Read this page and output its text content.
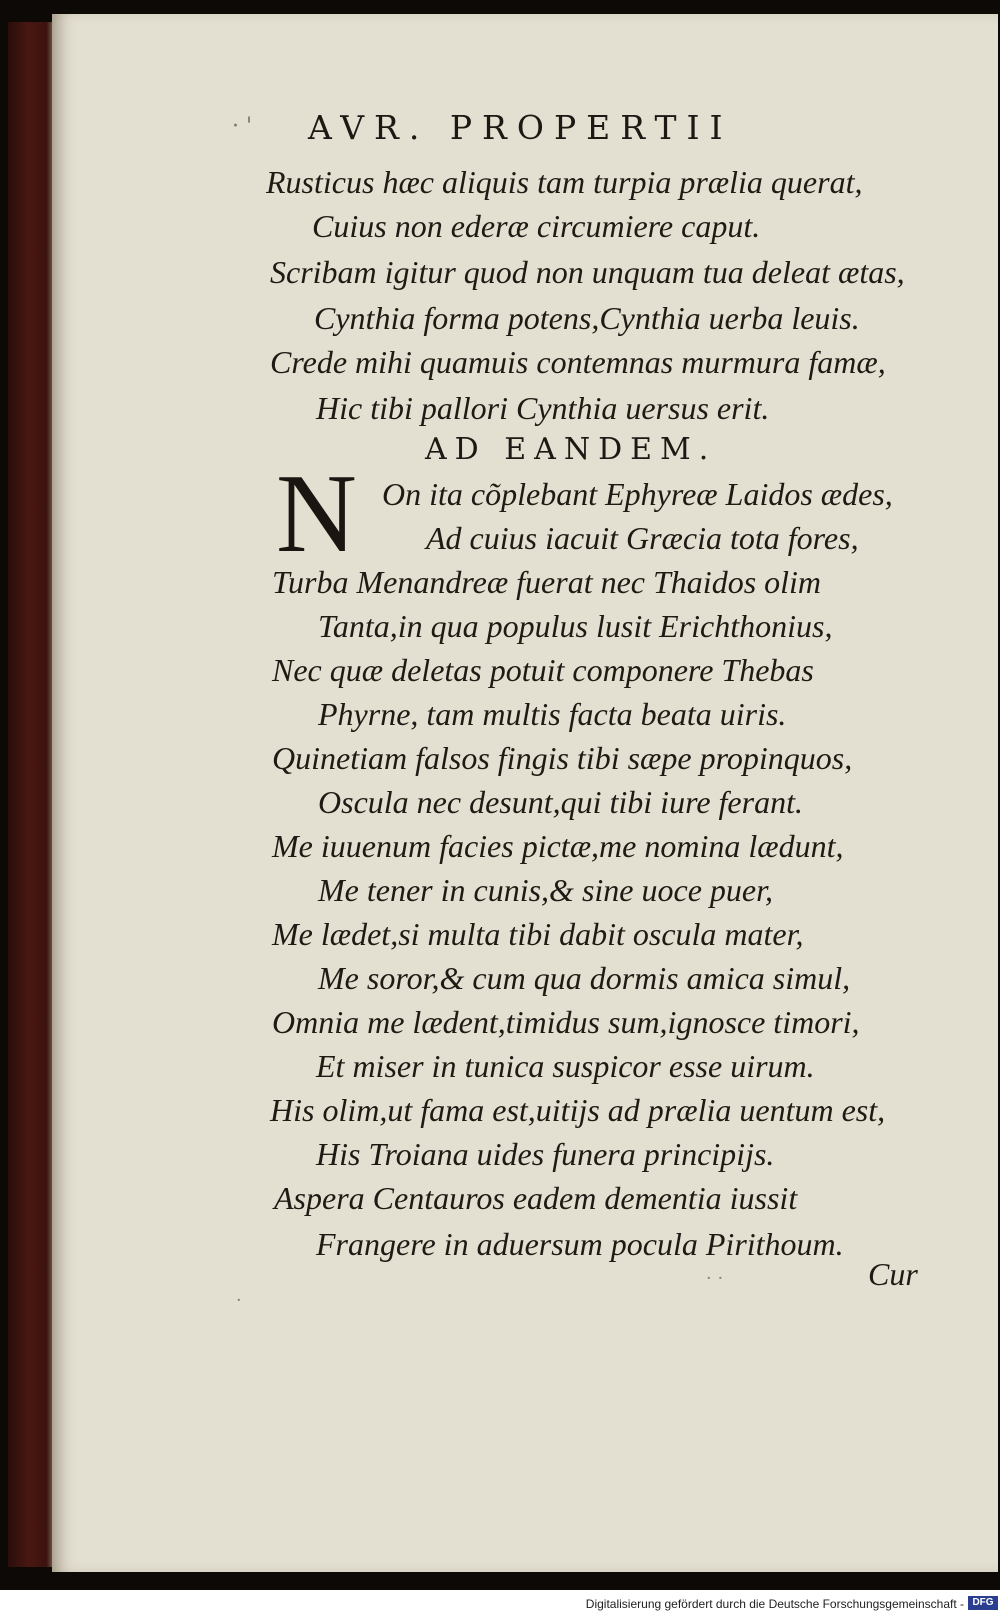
· ' AVR. PROPERTII
Rusticus hæc aliquis tam turpia prælia querat,
Cuius non ederæ circumiere caput.
Scribam igitur quod non unquam tua deleat ætas,
Cynthia forma potens,Cynthia uerba leuis.
Crede mihi quamuis contemnas murmura famæ,
Hic tibi pallori Cynthia uersus erit.
AD EANDEM.
N On ita cõplebant Ephyreæ Laidos ædes,
Ad cuius iacuit Græcia tota fores,
Turba Menandreæ fuerat nec Thaidos olim
Tanta,in qua populus lusit Erichthonius,
Nec quæ deletas potuit componere Thebas
Phyrne, tam multis facta beata uiris.
Quinetiam falsos fingis tibi sæpe propinquos,
Oscula nec desunt,qui tibi iure ferant.
Me iuuenum facies pictæ,me nomina lædunt,
Me tener in cunis,& sine uoce puer,
Me lædet,si multa tibi dabit oscula mater,
Me soror,& cum qua dormis amica simul,
Omnia me lædent,timidus sum,ignosce timori,
Et miser in tunica suspicor esse uirum.
His olim,ut fama est,uitijs ad prælia uentum est,
His Troiana uides funera principijs.
Aspera Centauros eadem dementia iussit
Frangere in aduersum pocula Pirithoum.
·
· ·	Cur
Digitalisierung gefördert durch die Deutsche Forschungsgemeinschaft - DFG
